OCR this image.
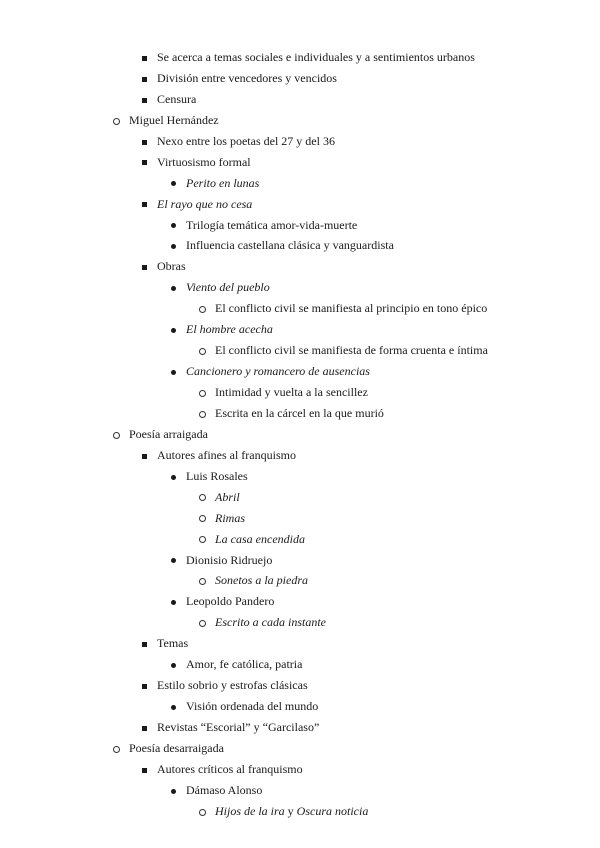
Se acerca a temas sociales e individuales y a sentimientos urbanos
División entre vencedores y vencidos
Censura
Miguel Hernández
Nexo entre los poetas del 27 y del 36
Virtuosismo formal
Perito en lunas
El rayo que no cesa
Trilogía temática amor-vida-muerte
Influencia castellana clásica y vanguardista
Obras
Viento del pueblo
El conflicto civil se manifiesta al principio en tono épico
El hombre acecha
El conflicto civil se manifiesta de forma cruenta e íntima
Cancionero y romancero de ausencias
Intimidad y vuelta a la sencillez
Escrita en la cárcel en la que murió
Poesía arraigada
Autores afines al franquismo
Luis Rosales
Abril
Rimas
La casa encendida
Dionisio Ridruejo
Sonetos a la piedra
Leopoldo Pandero
Escrito a cada instante
Temas
Amor, fe católica, patria
Estilo sobrio y estrofas clásicas
Visión ordenada del mundo
Revistas “Escorial” y “Garcilaso”
Poesía desarraigada
Autores críticos al franquismo
Dámaso Alonso
Hijos de la ira y Oscura noticia
